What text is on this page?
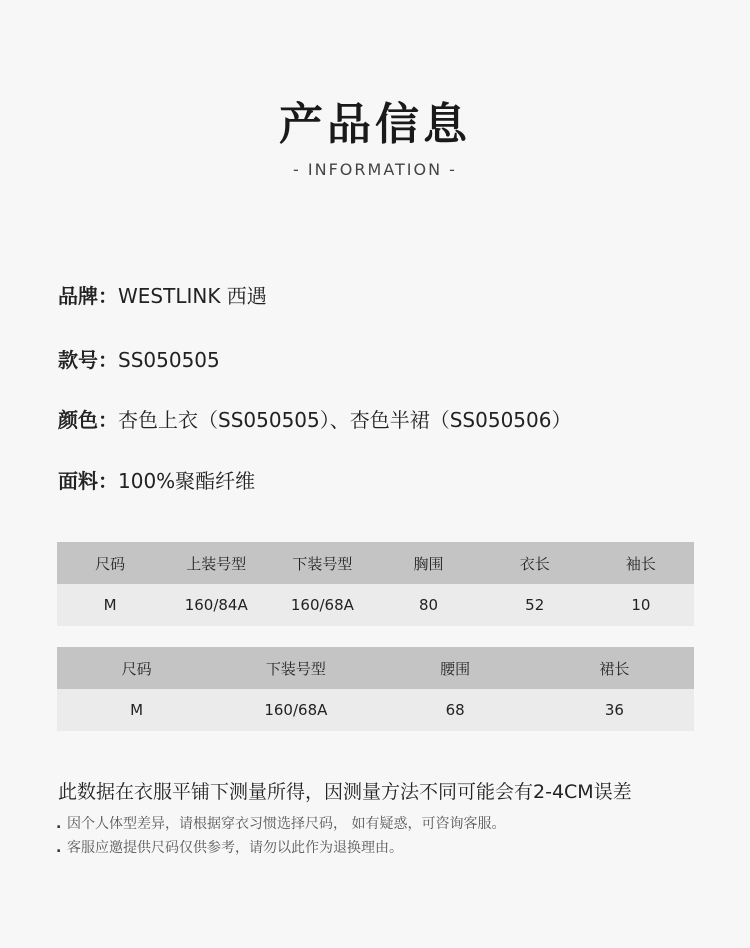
产品信息
- INFORMATION -
品牌：WESTLINK 西遇
款号：SS050505
颜色：杏色上衣（SS050505）、杏色半裙（SS050506）
面料：100%聚酯纤维
尺码	上装号型	下装号型	胸围	衣长	袖长
M	160/84A	160/68A	80	52	10
尺码	下装号型	腰围	裙长
M	160/68A	68	36
此数据在衣服平铺下测量所得，因测量方法不同可能会有2-4CM误差
. 因个人体型差异，请根据穿衣习惯选择尺码， 如有疑惑，可咨询客服。
. 客服应邀提供尺码仅供参考，请勿以此作为退换理由。
